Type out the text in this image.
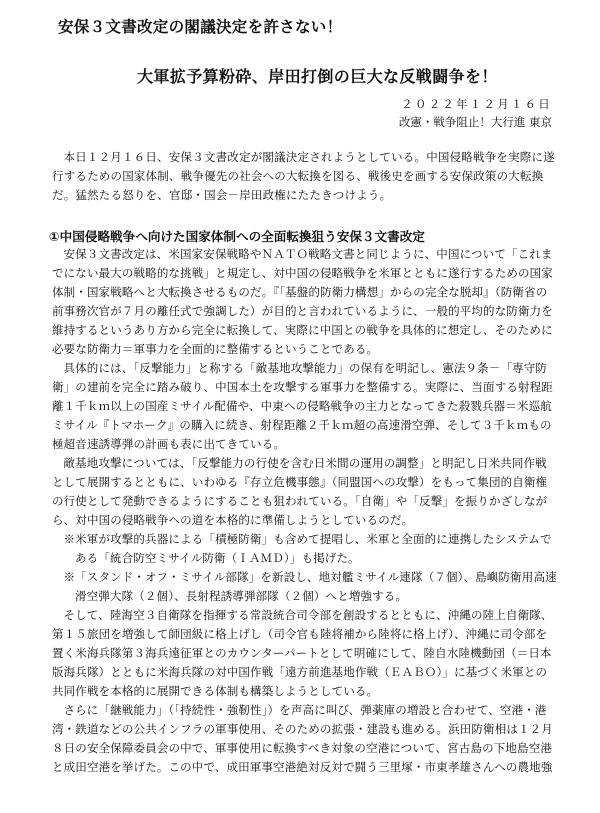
安保３文書改定の閣議決定を許さない！
大軍拡予算粉砕、岸田打倒の巨大な反戦闘争を！
２０２２年１２月１６日
改憲・戦争阻止！大行進 東京

本日１２月１６日、安保３文書改定が閣議決定されようとしている。中国侵略戦争を実際に遂行するための国家体制、戦争優先の社会への大転換を図る、戦後史を画する安保政策の大転換だ。猛然たる怒りを、官邸・国会－岸田政権にたたきつけよう。

①中国侵略戦争へ向けた国家体制への全面転換狙う安保３文書改定

安保３文書改定は、米国家安保戦略やＮＡＴＯ戦略文書と同じように、中国について「これまでにない最大の戦略的な挑戦」と規定し、対中国の侵略戦争を米軍とともに遂行するための国家体制・国家戦略へと大転換させるものだ。『「基盤的防衛力構想」からの完全な脱却』（防衛省の前事務次官が７月の離任式で強調した）が目的と言われているように、一般的平均的な防衛力を維持するというあり方から完全に転換して、実際に中国との戦争を具体的に想定し、そのために必要な防衛力＝軍事力を全面的に整備するということである。

具体的には、「反撃能力」と称する「敵基地攻撃能力」の保有を明記し、憲法９条－「専守防衛」の建前を完全に踏み破り、中国本土を攻撃する軍事力を整備する。実際に、当面する射程距離１千ｋｍ以上の国産ミサイル配備や、中東への侵略戦争の主力となってきた殺戮兵器＝米巡航ミサイル『トマホーク』の購入に続き、射程距離２千ｋｍ超の高速滑空弾、そして３千ｋｍもの極超音速誘導弾の計画も表に出てきている。

敵基地攻撃については、「反撃能力の行使を含む日米間の運用の調整」と明記し日米共同作戦として展開するとともに、いわゆる『存立危機事態』（同盟国への攻撃）をもって集団的自衛権の行使として発動できるようにすることも狙われている。「自衛」や「反撃」を振りかざしながら、対中国の侵略戦争への道を本格的に準備しようとしているのだ。

※米軍が攻撃的兵器による「積極防衛」も含めて提唱し、米軍と全面的に連携したシステムである「統合防空ミサイル防衛（ＩＡＭＤ）」も掲げた。

※「スタンド・オフ・ミサイル部隊」を新設し、地対艦ミサイル連隊（７個）、島嶼防衛用高速滑空弾大隊（２個）、長射程誘導弾部隊（２個）へと増強する。

そして、陸海空３自衛隊を指揮する常設統合司令部を創設するとともに、沖縄の陸上自衛隊、第１５旅団を増強して師団級に格上げし（司令官も陸将補から陸将に格上げ）、沖縄に司令部を置く米海兵隊第３海兵遠征軍とのカウンターパートとして明確にして、陸自水陸機動団（＝日本版海兵隊）とともに米海兵隊の対中国作戦「遠方前進基地作戦（ＥＡＢＯ）」に基づく米軍との共同作戦を本格的に展開できる体制も構築しようとしている。

さらに「継戦能力」（「持続性・強靭性」）を声高に叫び、弾薬庫の増設と合わせて、空港・港湾・鉄道などの公共インフラの軍事使用、そのための拡張・建設も進める。浜田防衛相は１２月８日の安全保障委員会の中で、軍事使用に転換すべき対象の空港について、宮古島の下地島空港と成田空港を挙げた。この中で、成田軍事空港絶対反対で闘う三里塚・市東孝雄さんへの農地強
